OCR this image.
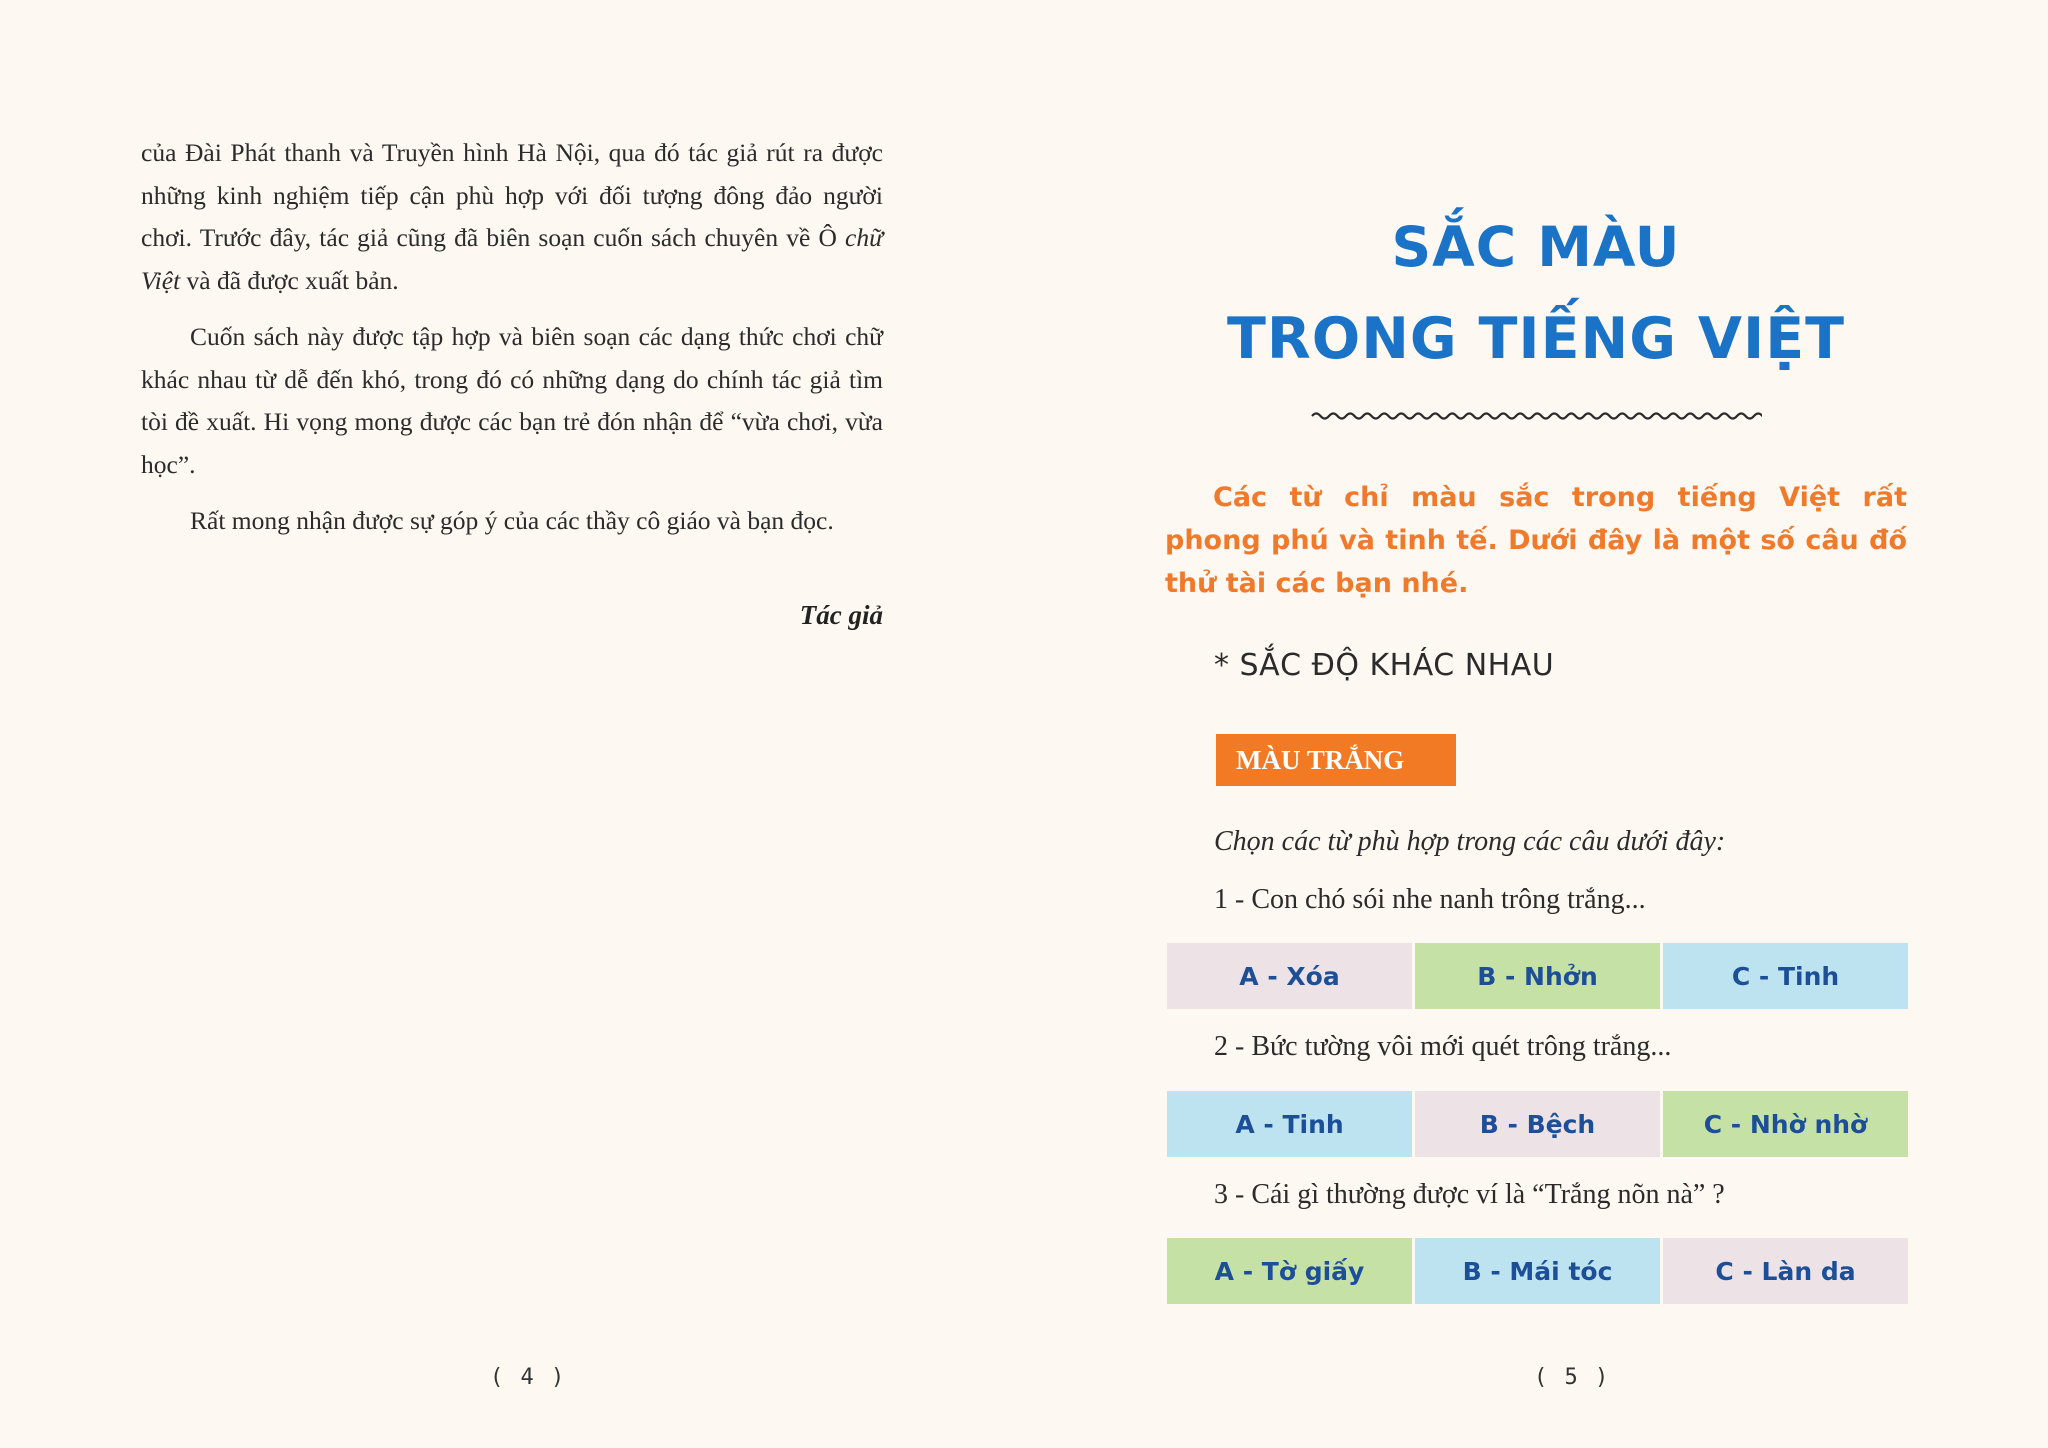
của Đài Phát thanh và Truyền hình Hà Nội, qua đó tác giả rút ra được những kinh nghiệm tiếp cận phù hợp với đối tượng đông đảo người chơi. Trước đây, tác giả cũng đã biên soạn cuốn sách chuyên về Ô chữ Việt và đã được xuất bản.

Cuốn sách này được tập hợp và biên soạn các dạng thức chơi chữ khác nhau từ dễ đến khó, trong đó có những dạng do chính tác giả tìm tòi đề xuất. Hi vọng mong được các bạn trẻ đón nhận để “vừa chơi, vừa học”.

Rất mong nhận được sự góp ý của các thầy cô giáo và bạn đọc.

Tác giả
( 4 )
SẮC MÀU
TRONG TIẾNG VIỆT

Các từ chỉ màu sắc trong tiếng Việt rất phong phú và tinh tế. Dưới đây là một số câu đố thử tài các bạn nhé.

* SẮC ĐỘ KHÁC NHAU
MÀU TRẮNG
Chọn các từ phù hợp trong các câu dưới đây:
1 - Con chó sói nhe nanh trông trắng...
A - Xóa	B - Nhởn	C - Tinh
2 - Bức tường vôi mới quét trông trắng...
A - Tinh	B - Bệch	C - Nhờ nhờ
3 - Cái gì thường được ví là “Trắng nõn nà” ?
A - Tờ giấy	B - Mái tóc	C - Làn da
( 5 )
